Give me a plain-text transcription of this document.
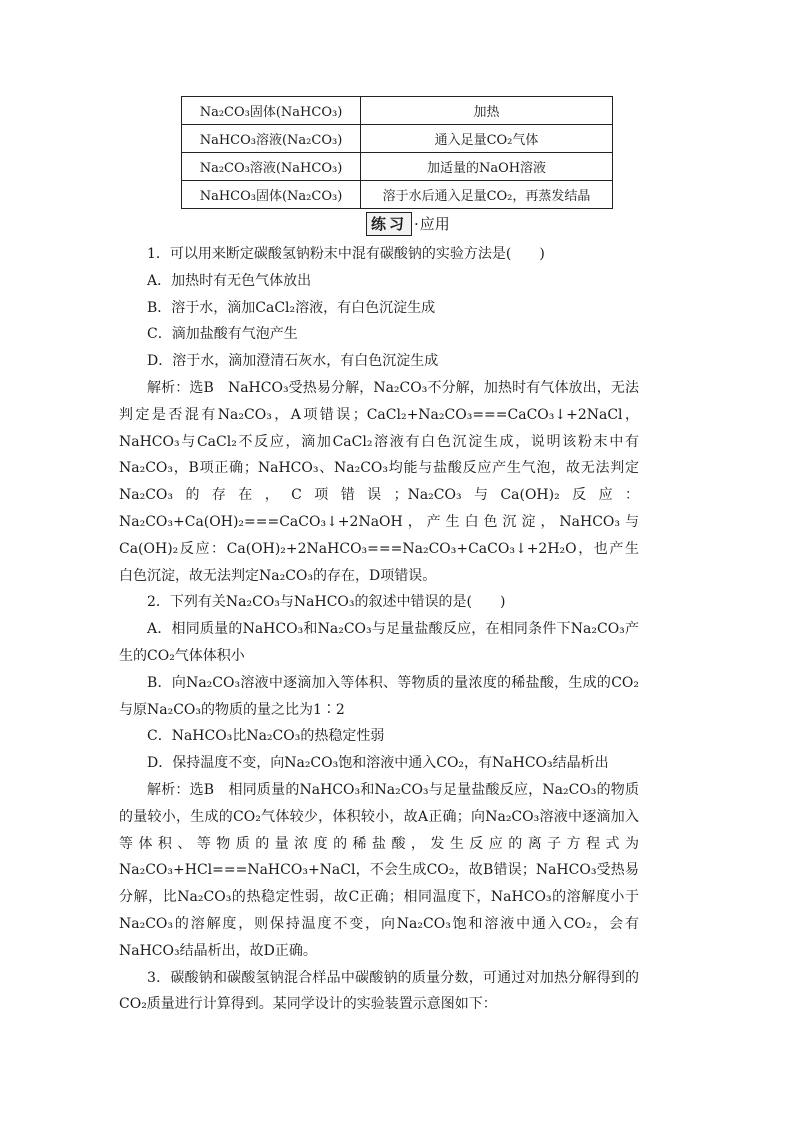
Na₂CO₃固体(NaHCO₃)	加热
NaHCO₃溶液(Na₂CO₃)	通入足量CO₂气体
Na₂CO₃溶液(NaHCO₃)	加适量的NaOH溶液
NaHCO₃固体(Na₂CO₃)	溶于水后通入足量CO₂，再蒸发结晶
练习 ·应用

1．可以用来断定碳酸氢钠粉末中混有碳酸钠的实验方法是(　　)

A．加热时有无色气体放出

B．溶于水，滴加CaCl₂溶液，有白色沉淀生成

C．滴加盐酸有气泡产生

D．溶于水，滴加澄清石灰水，有白色沉淀生成

解析：选B　NaHCO₃受热易分解，Na₂CO₃不分解，加热时有气体放出，无法判定是否混有Na₂CO₃，A项错误；CaCl₂+Na₂CO₃===CaCO₃↓+2NaCl，NaHCO₃与CaCl₂不反应，滴加CaCl₂溶液有白色沉淀生成，说明该粉末中有Na₂CO₃，B项正确；NaHCO₃、Na₂CO₃均能与盐酸反应产生气泡，故无法判定Na₂CO₃的存在，C项错误；Na₂CO₃与Ca(OH)₂反应：Na₂CO₃+Ca(OH)₂===CaCO₃↓+2NaOH，产生白色沉淀，NaHCO₃与Ca(OH)₂反应：Ca(OH)₂+2NaHCO₃===Na₂CO₃+CaCO₃↓+2H₂O，也产生白色沉淀，故无法判定Na₂CO₃的存在，D项错误。

2．下列有关Na₂CO₃与NaHCO₃的叙述中错误的是(　　)

A．相同质量的NaHCO₃和Na₂CO₃与足量盐酸反应，在相同条件下Na₂CO₃产生的CO₂气体体积小

B．向Na₂CO₃溶液中逐滴加入等体积、等物质的量浓度的稀盐酸，生成的CO₂与原Na₂CO₃的物质的量之比为1∶2

C．NaHCO₃比Na₂CO₃的热稳定性弱

D．保持温度不变，向Na₂CO₃饱和溶液中通入CO₂，有NaHCO₃结晶析出

解析：选B　相同质量的NaHCO₃和Na₂CO₃与足量盐酸反应，Na₂CO₃的物质的量较小，生成的CO₂气体较少，体积较小，故A正确；向Na₂CO₃溶液中逐滴加入等体积、等物质的量浓度的稀盐酸，发生反应的离子方程式为Na₂CO₃+HCl===NaHCO₃+NaCl，不会生成CO₂，故B错误；NaHCO₃受热易分解，比Na₂CO₃的热稳定性弱，故C正确；相同温度下，NaHCO₃的溶解度小于Na₂CO₃的溶解度，则保持温度不变，向Na₂CO₃饱和溶液中通入CO₂，会有NaHCO₃结晶析出，故D正确。

3．碳酸钠和碳酸氢钠混合样品中碳酸钠的质量分数，可通过对加热分解得到的CO₂质量进行计算得到。某同学设计的实验装置示意图如下：
